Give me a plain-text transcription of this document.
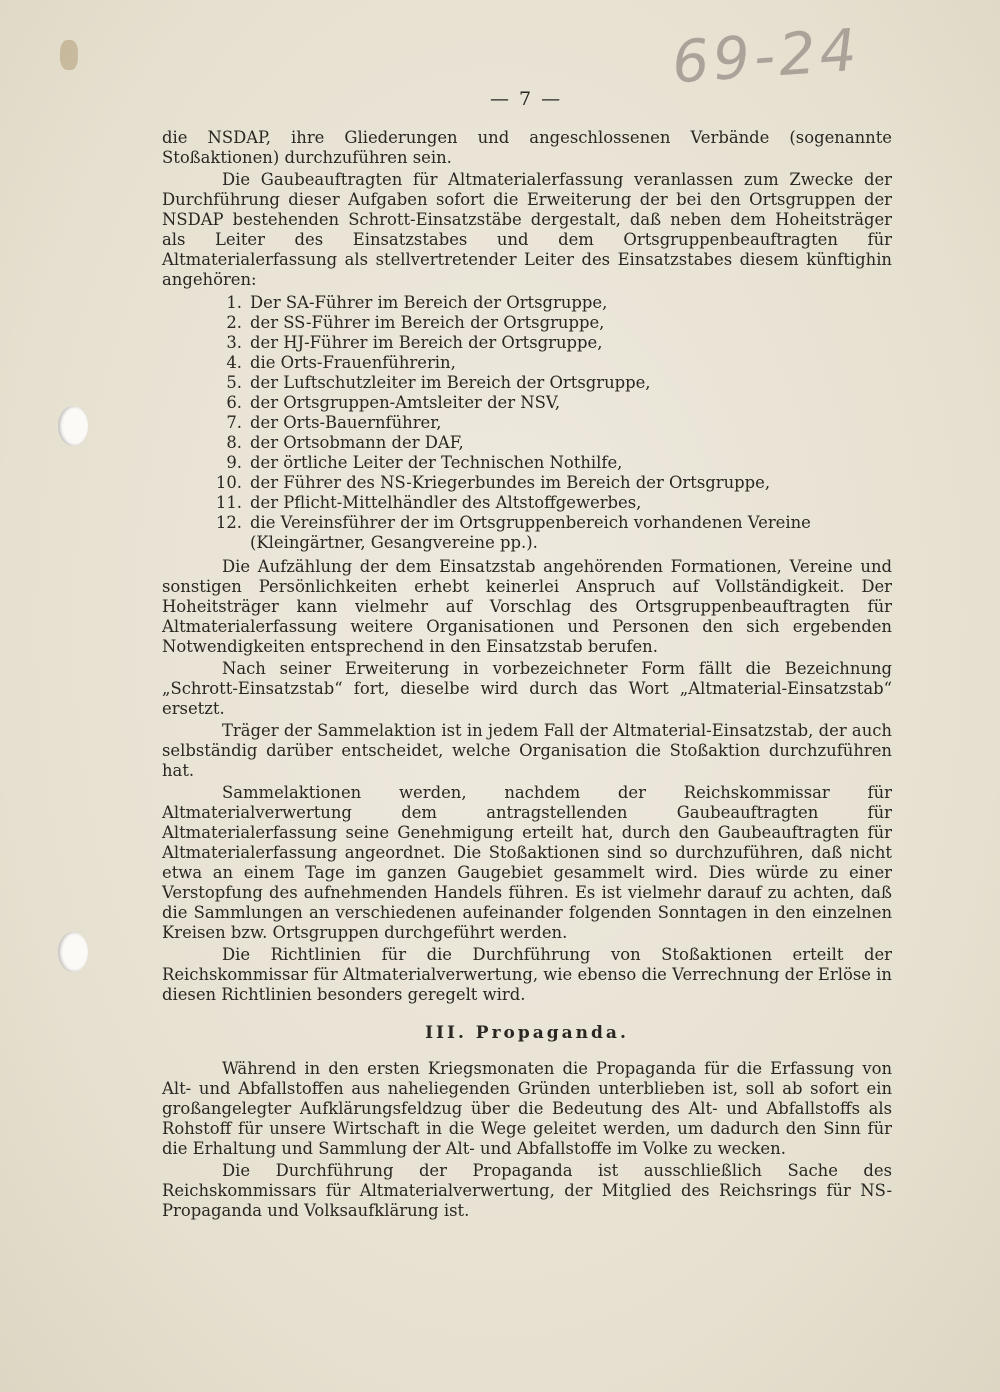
69-24
— 7 —

die NSDAP, ihre Gliederungen und angeschlossenen Verbände (sogenannte Stoßaktionen) durchzuführen sein.

Die Gaubeauftragten für Altmaterialerfassung veranlassen zum Zwecke der Durchführung dieser Aufgaben sofort die Erweiterung der bei den Ortsgruppen der NSDAP bestehenden Schrott-Einsatzstäbe dergestalt, daß neben dem Hoheitsträger als Leiter des Einsatzstabes und dem Ortsgruppenbeauftragten für Altmaterialerfassung als stellvertretender Leiter des Einsatzstabes diesem künftighin angehören:

1. Der SA-Führer im Bereich der Ortsgruppe,
2. der SS-Führer im Bereich der Ortsgruppe,
3. der HJ-Führer im Bereich der Ortsgruppe,
4. die Orts-Frauenführerin,
5. der Luftschutzleiter im Bereich der Ortsgruppe,
6. der Ortsgruppen-Amtsleiter der NSV,
7. der Orts-Bauernführer,
8. der Ortsobmann der DAF,
9. der örtliche Leiter der Technischen Nothilfe,
10. der Führer des NS-Kriegerbundes im Bereich der Ortsgruppe,
11. der Pflicht-Mittelhändler des Altstoffgewerbes,
12. die Vereinsführer der im Ortsgruppenbereich vorhandenen Vereine (Kleingärtner, Gesangvereine pp.).

Die Aufzählung der dem Einsatzstab angehörenden Formationen, Vereine und sonstigen Persönlichkeiten erhebt keinerlei Anspruch auf Vollständigkeit. Der Hoheitsträger kann vielmehr auf Vorschlag des Ortsgruppenbeauftragten für Altmaterialerfassung weitere Organisationen und Personen den sich ergebenden Notwendigkeiten entsprechend in den Einsatzstab berufen.

Nach seiner Erweiterung in vorbezeichneter Form fällt die Bezeichnung „Schrott-Einsatzstab“ fort, dieselbe wird durch das Wort „Altmaterial-Einsatzstab“ ersetzt.

Träger der Sammelaktion ist in jedem Fall der Altmaterial-Einsatzstab, der auch selbständig darüber entscheidet, welche Organisation die Stoßaktion durchzuführen hat.

Sammelaktionen werden, nachdem der Reichskommissar für Altmaterialverwertung dem antragstellenden Gaubeauftragten für Altmaterialerfassung seine Genehmigung erteilt hat, durch den Gaubeauftragten für Altmaterialerfassung angeordnet. Die Stoßaktionen sind so durchzuführen, daß nicht etwa an einem Tage im ganzen Gaugebiet gesammelt wird. Dies würde zu einer Verstopfung des aufnehmenden Handels führen. Es ist vielmehr darauf zu achten, daß die Sammlungen an verschiedenen aufeinander folgenden Sonntagen in den einzelnen Kreisen bzw. Ortsgruppen durchgeführt werden.

Die Richtlinien für die Durchführung von Stoßaktionen erteilt der Reichskommissar für Altmaterialverwertung, wie ebenso die Verrechnung der Erlöse in diesen Richtlinien besonders geregelt wird.

III. Propaganda.

Während in den ersten Kriegsmonaten die Propaganda für die Erfassung von Alt- und Abfallstoffen aus naheliegenden Gründen unterblieben ist, soll ab sofort ein großangelegter Aufklärungsfeldzug über die Bedeutung des Alt- und Abfallstoffs als Rohstoff für unsere Wirtschaft in die Wege geleitet werden, um dadurch den Sinn für die Erhaltung und Sammlung der Alt- und Abfallstoffe im Volke zu wecken.

Die Durchführung der Propaganda ist ausschließlich Sache des Reichskommissars für Altmaterialverwertung, der Mitglied des Reichsrings für NS-Propaganda und Volksaufklärung ist.
